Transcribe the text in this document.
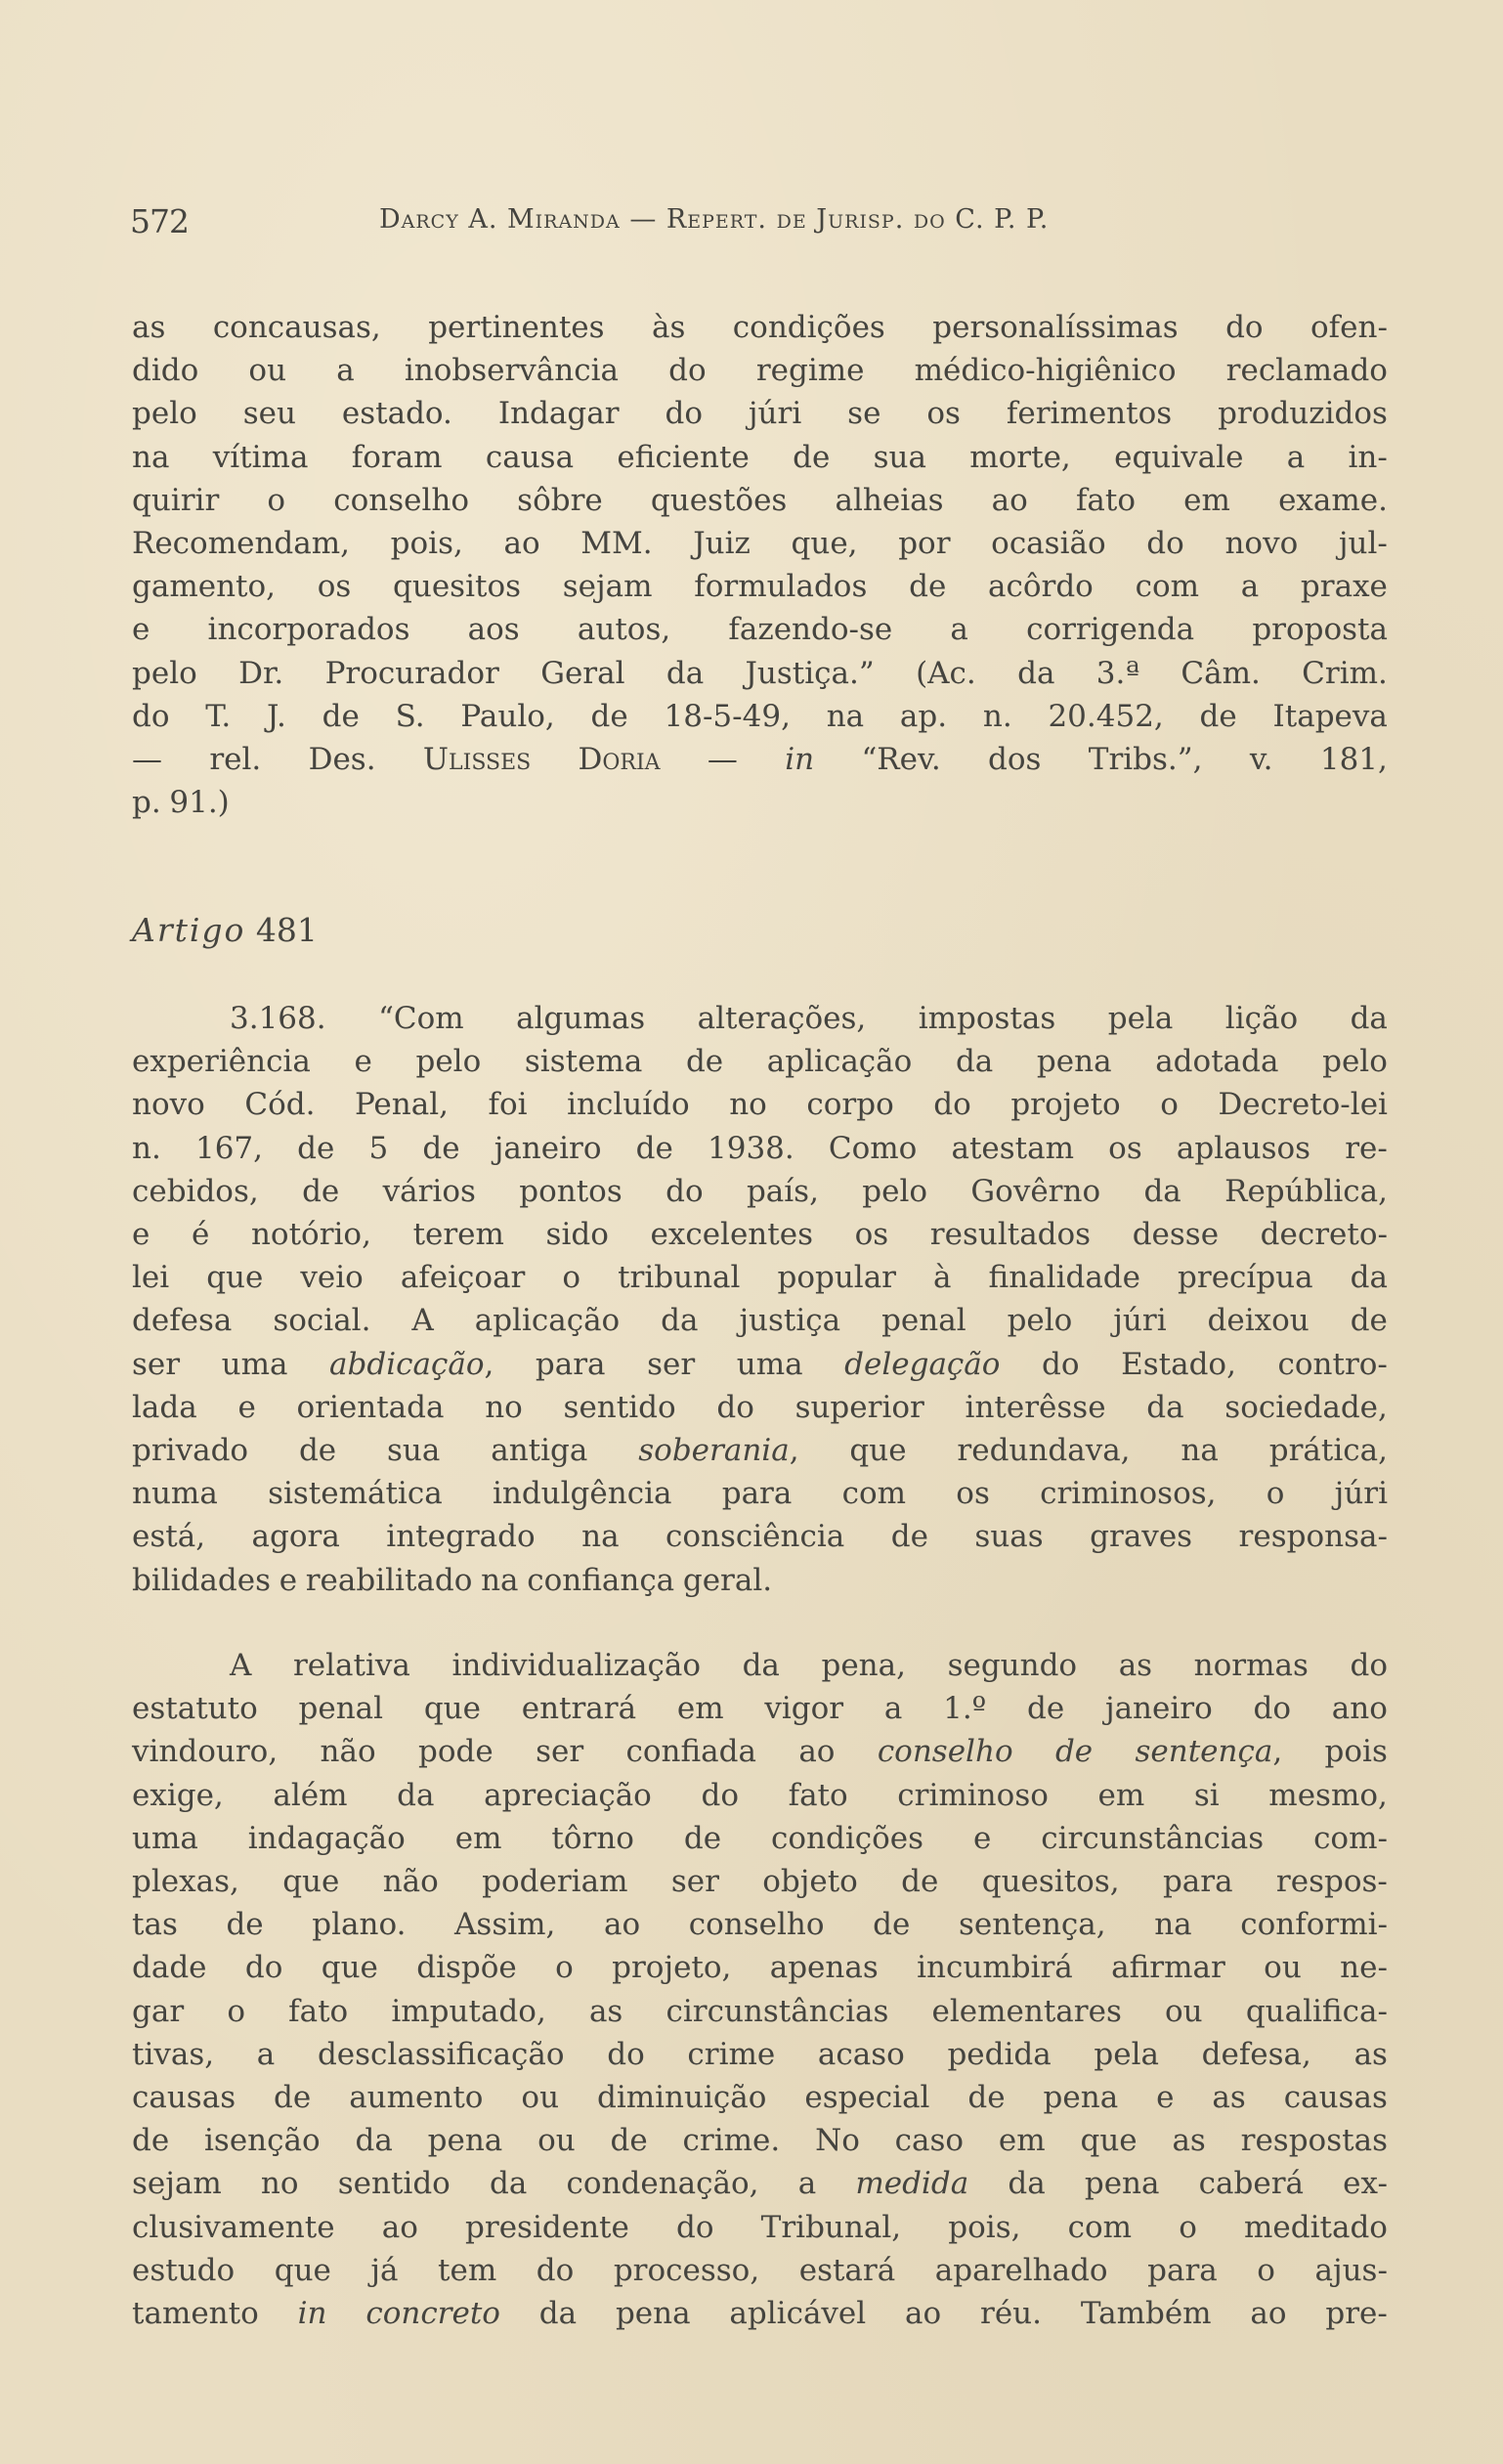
572	Darcy A. Miranda — Repert. de Jurisp. do C. P. P.
as concausas, pertinentes às condições personalíssimas do ofen-
dido ou a inobservância do regime médico-higiênico reclamado
pelo seu estado. Indagar do júri se os ferimentos produzidos
na vítima foram causa eficiente de sua morte, equivale a in-
quirir o conselho sôbre questões alheias ao fato em exame.
Recomendam, pois, ao MM. Juiz que, por ocasião do novo jul-
gamento, os quesitos sejam formulados de acôrdo com a praxe
e incorporados aos autos, fazendo-se a corrigenda proposta
pelo Dr. Procurador Geral da Justiça.” (Ac. da 3.ª Câm. Crim.
do T. J. de S. Paulo, de 18-5-49, na ap. n. 20.452, de Itapeva
— rel. Des. Ulisses Doria — in “Rev. dos Tribs.”, v. 181,
p. 91.)
Artigo 481
3.168. “Com algumas alterações, impostas pela lição da
experiência e pelo sistema de aplicação da pena adotada pelo
novo Cód. Penal, foi incluído no corpo do projeto o Decreto-lei
n. 167, de 5 de janeiro de 1938. Como atestam os aplausos re-
cebidos, de vários pontos do país, pelo Govêrno da República,
e é notório, terem sido excelentes os resultados desse decreto-
lei que veio afeiçoar o tribunal popular à finalidade precípua da
defesa social. A aplicação da justiça penal pelo júri deixou de
ser uma abdicação, para ser uma delegação do Estado, contro-
lada e orientada no sentido do superior interêsse da sociedade,
privado de sua antiga soberania, que redundava, na prática,
numa sistemática indulgência para com os criminosos, o júri
está, agora integrado na consciência de suas graves responsa-
bilidades e reabilitado na confiança geral.
A relativa individualização da pena, segundo as normas do
estatuto penal que entrará em vigor a 1.º de janeiro do ano
vindouro, não pode ser confiada ao conselho de sentença, pois
exige, além da apreciação do fato criminoso em si mesmo,
uma indagação em tôrno de condições e circunstâncias com-
plexas, que não poderiam ser objeto de quesitos, para respos-
tas de plano. Assim, ao conselho de sentença, na conformi-
dade do que dispõe o projeto, apenas incumbirá afirmar ou ne-
gar o fato imputado, as circunstâncias elementares ou qualifica-
tivas, a desclassificação do crime acaso pedida pela defesa, as
causas de aumento ou diminuição especial de pena e as causas
de isenção da pena ou de crime. No caso em que as respostas
sejam no sentido da condenação, a medida da pena caberá ex-
clusivamente ao presidente do Tribunal, pois, com o meditado
estudo que já tem do processo, estará aparelhado para o ajus-
tamento in concreto da pena aplicável ao réu. Também ao pre-
